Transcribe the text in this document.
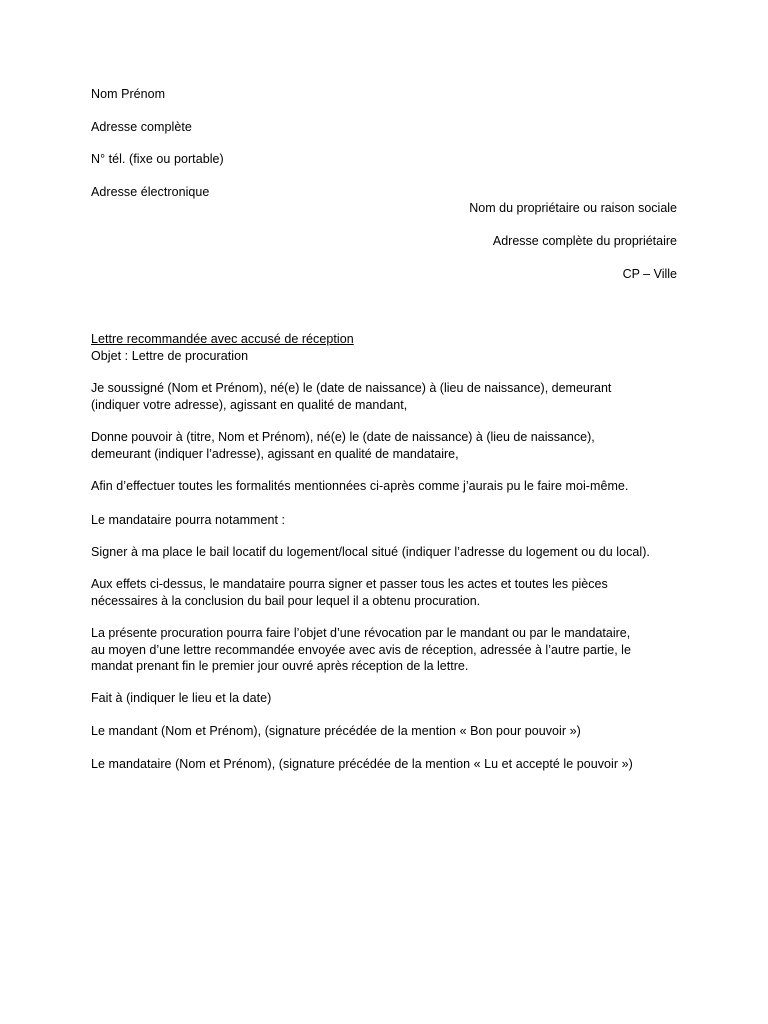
Nom Prénom
Adresse complète
N° tél. (fixe ou portable)
Adresse électronique
Nom du propriétaire ou raison sociale
Adresse complète du propriétaire
CP – Ville
Lettre recommandée avec accusé de réception
Objet : Lettre de procuration
Je soussigné (Nom et Prénom), né(e) le (date de naissance) à (lieu de naissance), demeurant
(indiquer votre adresse), agissant en qualité de mandant,
Donne pouvoir à (titre, Nom et Prénom), né(e) le (date de naissance) à (lieu de naissance),
demeurant (indiquer l’adresse), agissant en qualité de mandataire,
Afin d’effectuer toutes les formalités mentionnées ci-après comme j’aurais pu le faire moi-même.
Le mandataire pourra notamment :
Signer à ma place le bail locatif du logement/local situé (indiquer l’adresse du logement ou du local).
Aux effets ci-dessus, le mandataire pourra signer et passer tous les actes et toutes les pièces
nécessaires à la conclusion du bail pour lequel il a obtenu procuration.
La présente procuration pourra faire l’objet d’une révocation par le mandant ou par le mandataire,
au moyen d’une lettre recommandée envoyée avec avis de réception, adressée à l’autre partie, le
mandat prenant fin le premier jour ouvré après réception de la lettre.
Fait à (indiquer le lieu et la date)
Le mandant (Nom et Prénom), (signature précédée de la mention « Bon pour pouvoir »)
Le mandataire (Nom et Prénom), (signature précédée de la mention « Lu et accepté le pouvoir »)
